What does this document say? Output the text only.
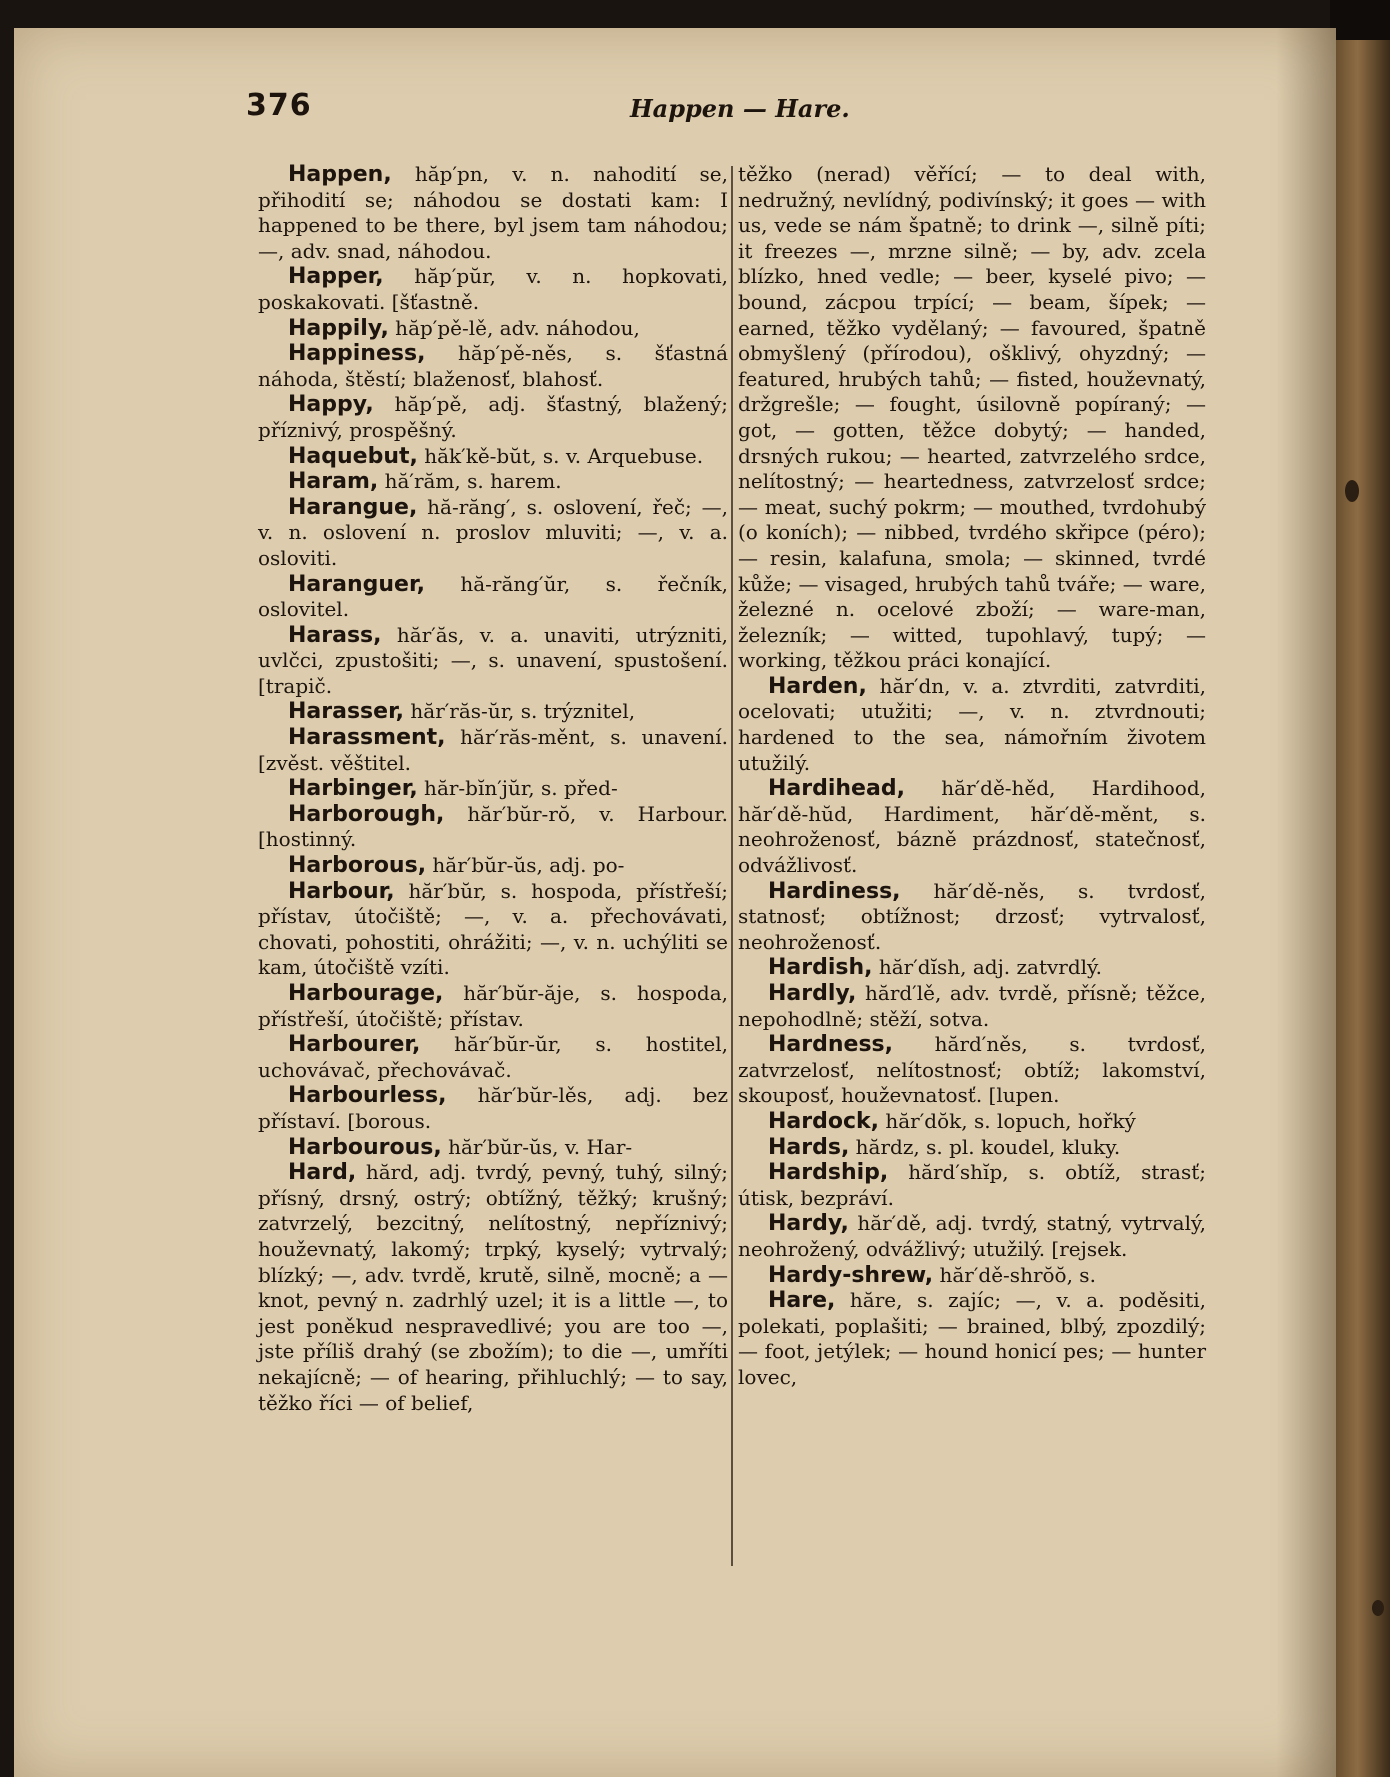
376	Happen — Hare.

Happen, hăp′pn, v. n. nahodití se, přihodití se; náhodou se dostati kam: I happened to be there, byl jsem tam náhodou; —, adv. snad, náhodou.

Happer, hăp′pŭr, v. n. hopkovati, poskakovati. [šťastně.

Happily, hăp′pě-lě, adv. náhodou,

Happiness, hăp′pě-něs, s. šťastná náhoda, štěstí; blaženosť, blahosť.

Happy, hăp′pě, adj. šťastný, blažený; příznivý, prospěšný.

Haquebut, hăk′kě-bŭt, s. v. Arquebuse.

Haram, hă′răm, s. harem.

Harangue, hă-răng′, s. oslovení, řeč; —, v. n. oslovení n. proslov mluviti; —, v. a. osloviti.

Haranguer, hă-răng′ŭr, s. řečník, oslovitel.

Harass, hăr′ăs, v. a. unaviti, utrýzniti, uvlčci, zpustošiti; —, s. unavení, spustošení. [trapič.

Harasser, hăr′răs-ŭr, s. trýznitel,

Harassment, hăr′răs-měnt, s. unavení. [zvěst. věštitel.

Harbinger, hăr-bĭn′jŭr, s. před-

Harborough, hăr′bŭr-rŏ, v. Harbour. [hostinný.

Harborous, hăr′bŭr-ŭs, adj. po-

Harbour, hăr′bŭr, s. hospoda, přístřeší; přístav, útočiště; —, v. a. přechovávati, chovati, pohostiti, ohrážiti; —, v. n. uchýliti se kam, útočiště vzíti.

Harbourage, hăr′bŭr-ăje, s. hospoda, přístřeší, útočiště; přístav.

Harbourer, hăr′bŭr-ŭr, s. hostitel, uchovávač, přechovávač.

Harbourless, hăr′bŭr-lěs, adj. bez přístaví. [borous.

Harbourous, hăr′bŭr-ŭs, v. Har-

Hard, hărd, adj. tvrdý, pevný, tuhý, silný; přísný, drsný, ostrý; obtížný, těžký; krušný; zatvrzelý, bezcitný, nelítostný, nepříznivý; houževnatý, lakomý; trpký, kyselý; vytrvalý; blízký; —, adv. tvrdě, krutě, silně, mocně; a — knot, pevný n. zadrhlý uzel; it is a little —, to jest poněkud nespravedlivé; you are too —, jste příliš drahý (se zbožím); to die —, umříti nekajícně; — of hearing, přihluchlý; — to say, těžko říci — of belief,

těžko (nerad) věřící; — to deal with, nedružný, nevlídný, podivínský; it goes — with us, vede se nám špatně; to drink —, silně píti; it freezes —, mrzne silně; — by, adv. zcela blízko, hned vedle; — beer, kyselé pivo; — bound, zácpou trpící; — beam, šípek; — earned, těžko vydělaný; — favoured, špatně obmyšlený (přírodou), ošklivý, ohyzdný; — featured, hrubých tahů; — fisted, houževnatý, držgrešle; — fought, úsilovně popíraný; — got, — gotten, těžce dobytý; — handed, drsných rukou; — hearted, zatvrzelého srdce, nelítostný; — heartedness, zatvrzelosť srdce; — meat, suchý pokrm; — mouthed, tvrdohubý (o koních); — nibbed, tvrdého skřipce (péro); — resin, kalafuna, smola; — skinned, tvrdé kůže; — visaged, hrubých tahů tváře; — ware, železné n. ocelové zboží; — ware-man, železník; — witted, tupohlavý, tupý; — working, těžkou práci konající.

Harden, hăr′dn, v. a. ztvrditi, zatvrditi, ocelovati; utužiti; —, v. n. ztvrdnouti; hardened to the sea, námořním životem utužilý.

Hardihead, hăr′dě-hěd, Hardihood, hăr′dě-hŭd, Hardiment, hăr′dě-měnt, s. neohroženosť, bázně prázdnosť, statečnosť, odvážlivosť.

Hardiness, hăr′dě-něs, s. tvrdosť, statnosť; obtížnost; drzosť; vytrvalosť, neohroženosť.

Hardish, hăr′dĭsh, adj. zatvrdlý.

Hardly, hărd′lě, adv. tvrdě, přísně; těžce, nepohodlně; stěží, sotva.

Hardness, hărd′něs, s. tvrdosť, zatvrzelosť, nelítostnosť; obtíž; lakomství, skouposť, houževnatosť. [lupen.

Hardock, hăr′dŏk, s. lopuch, hořký

Hards, hărdz, s. pl. koudel, kluky.

Hardship, hărd′shĭp, s. obtíž, strasť; útisk, bezpráví.

Hardy, hăr′dě, adj. tvrdý, statný, vytrvalý, neohrožený, odvážlivý; utužilý. [rejsek.

Hardy-shrew, hăr′dě-shrŏŏ, s.

Hare, hăre, s. zajíc; —, v. a. poděsiti, polekati, poplašiti; — brained, blbý, zpozdilý; — foot, jetýlek; — hound honicí pes; — hunter lovec,
